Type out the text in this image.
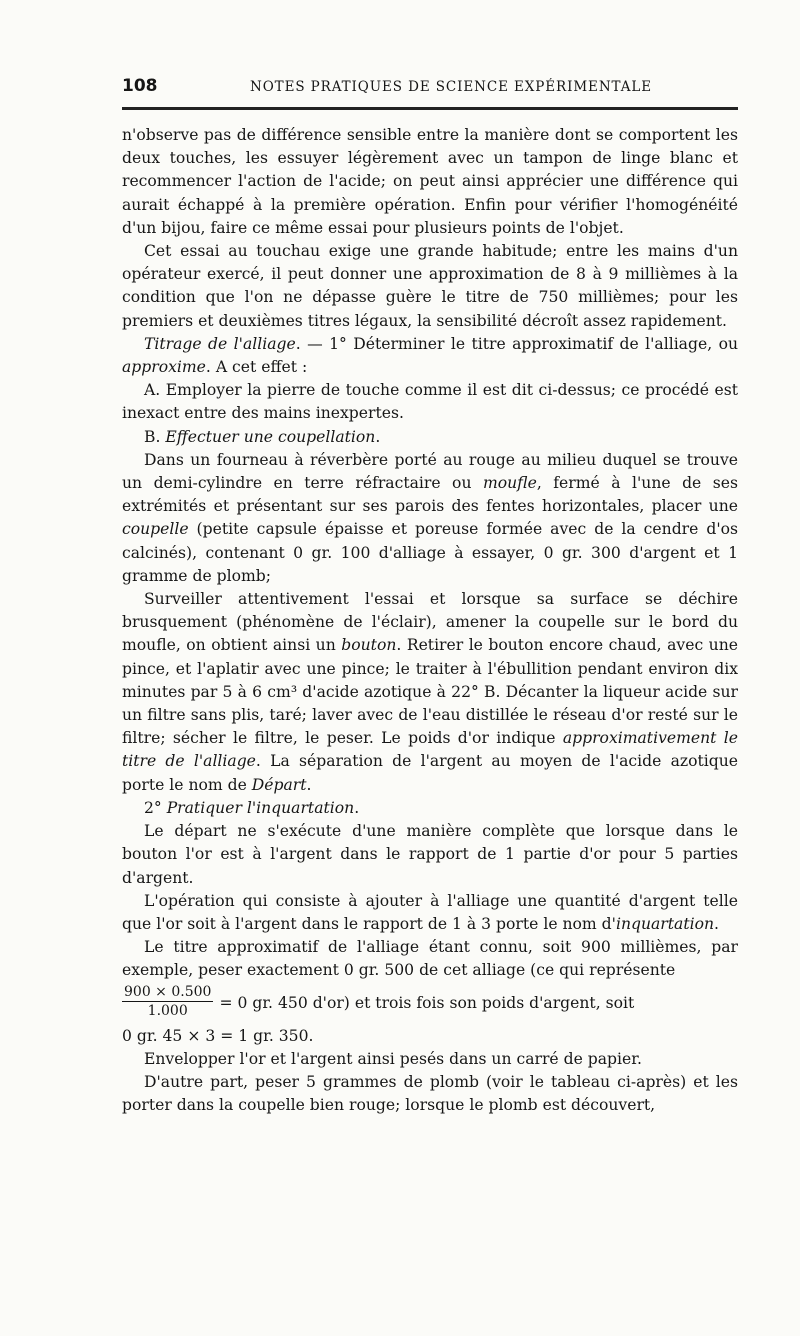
108	NOTES PRATIQUES DE SCIENCE EXPÉRIMENTALE

n'observe pas de différence sensible entre la manière dont se comportent les deux touches, les essuyer légèrement avec un tampon de linge blanc et recommencer l'action de l'acide; on peut ainsi apprécier une différence qui aurait échappé à la première opération. Enfin pour vérifier l'homogénéité d'un bijou, faire ce même essai pour plusieurs points de l'objet.

Cet essai au touchau exige une grande habitude; entre les mains d'un opérateur exercé, il peut donner une approximation de 8 à 9 millièmes à la condition que l'on ne dépasse guère le titre de 750 millièmes; pour les premiers et deuxièmes titres légaux, la sensibilité décroît assez rapidement.

Titrage de l'alliage. — 1° Déterminer le titre approximatif de l'alliage, ou approxime. A cet effet :

A. Employer la pierre de touche comme il est dit ci-dessus; ce procédé est inexact entre des mains inexpertes.

B. Effectuer une coupellation.

Dans un fourneau à réverbère porté au rouge au milieu duquel se trouve un demi-cylindre en terre réfractaire ou moufle, fermé à l'une de ses extrémités et présentant sur ses parois des fentes horizontales, placer une coupelle (petite capsule épaisse et poreuse formée avec de la cendre d'os calcinés), contenant 0 gr. 100 d'alliage à essayer, 0 gr. 300 d'argent et 1 gramme de plomb;

Surveiller attentivement l'essai et lorsque sa surface se déchire brusquement (phénomène de l'éclair), amener la coupelle sur le bord du moufle, on obtient ainsi un bouton. Retirer le bouton encore chaud, avec une pince, et l'aplatir avec une pince; le traiter à l'ébullition pendant environ dix minutes par 5 à 6 cm³ d'acide azotique à 22° B. Décanter la liqueur acide sur un filtre sans plis, taré; laver avec de l'eau distillée le réseau d'or resté sur le filtre; sécher le filtre, le peser. Le poids d'or indique approximativement le titre de l'alliage. La séparation de l'argent au moyen de l'acide azotique porte le nom de Départ.

2° Pratiquer l'inquartation.

Le départ ne s'exécute d'une manière complète que lorsque dans le bouton l'or est à l'argent dans le rapport de 1 partie d'or pour 5 parties d'argent.

L'opération qui consiste à ajouter à l'alliage une quantité d'argent telle que l'or soit à l'argent dans le rapport de 1 à 3 porte le nom d'inquartation.

Le titre approximatif de l'alliage étant connu, soit 900 millièmes, par exemple, peser exactement 0 gr. 500 de cet alliage (ce qui représente

$\frac{900 \times 0.500}{1.000} = 0$ gr. 450 d'or) et trois fois son poids d'argent, soit

0 gr. 45 × 3 = 1 gr. 350.

Envelopper l'or et l'argent ainsi pesés dans un carré de papier.

D'autre part, peser 5 grammes de plomb (voir le tableau ci-après) et les porter dans la coupelle bien rouge; lorsque le plomb est découvert,
